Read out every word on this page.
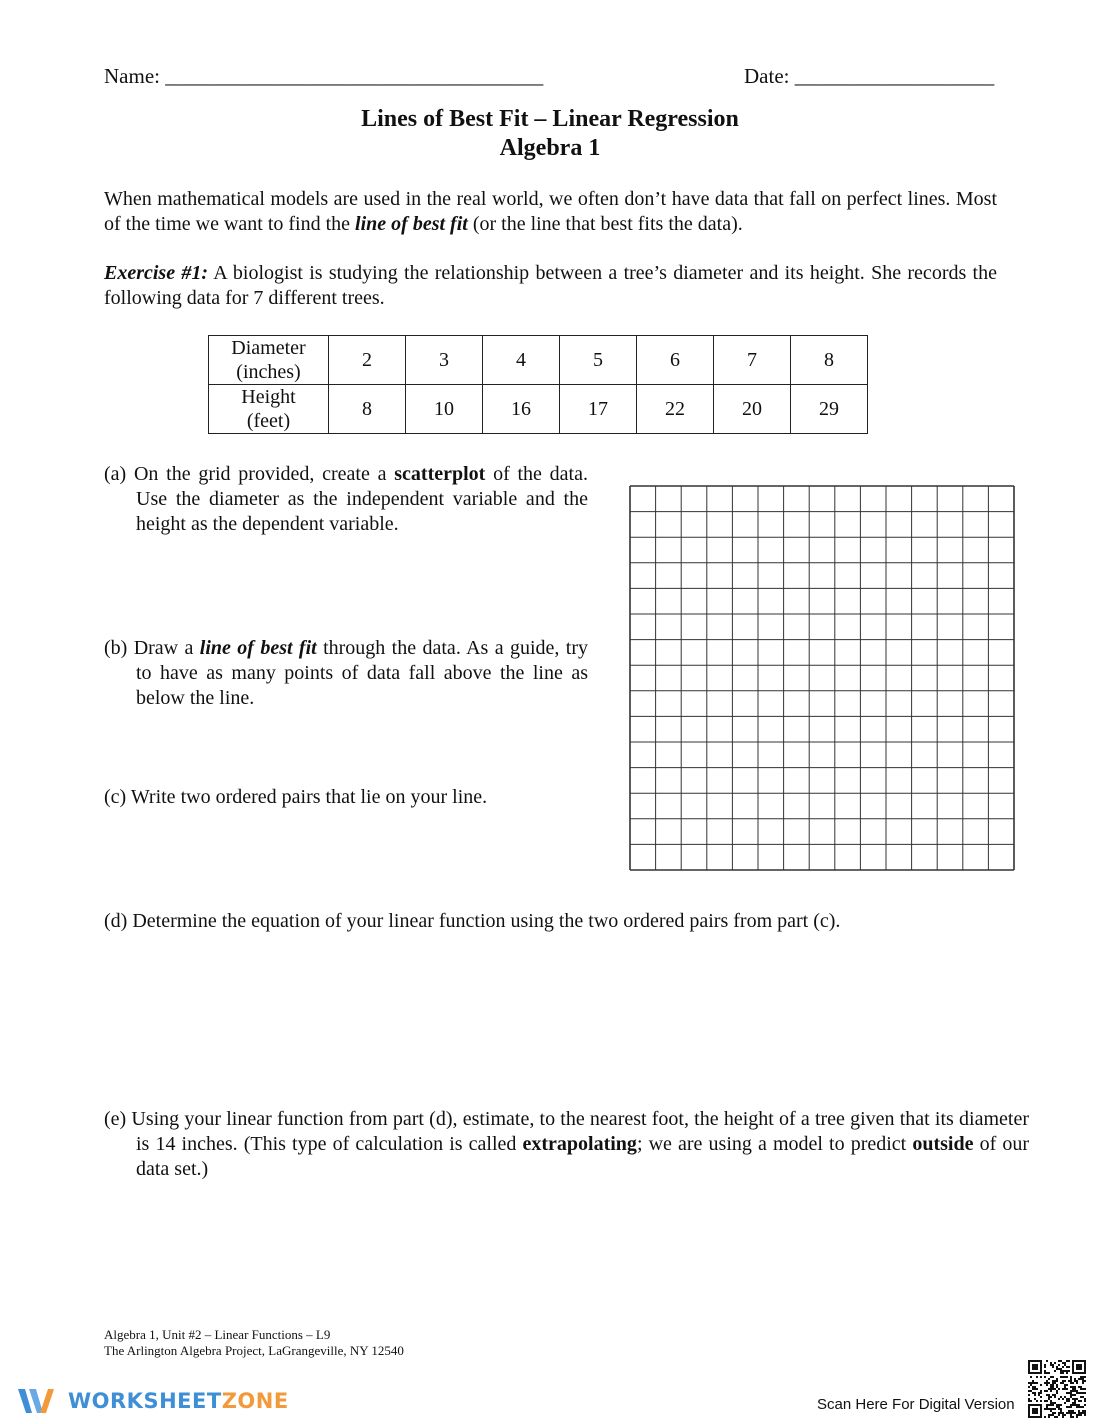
Name: ____________________________________	Date: ___________________
Lines of Best Fit – Linear Regression
Algebra 1
When mathematical models are used in the real world, we often don’t have data that fall on perfect lines. Most of the time we want to find the line of best fit (or the line that best fits the data).
Exercise #1: A biologist is studying the relationship between a tree’s diameter and its height. She records the following data for 7 different trees.
Diameter
(inches)	2	3	4	5	6	7	8
Height
(feet)	8	10	16	17	22	20	29
(a) On the grid provided, create a scatterplot of the data. Use the diameter as the independent variable and the height as the dependent variable.
(b) Draw a line of best fit through the data. As a guide, try to have as many points of data fall above the line as below the line.
(c) Write two ordered pairs that lie on your line.
(d) Determine the equation of your linear function using the two ordered pairs from part (c).
(e) Using your linear function from part (d), estimate, to the nearest foot, the height of a tree given that its diameter is 14 inches. (This type of calculation is called extrapolating; we are using a model to predict outside of our data set.)
Algebra 1, Unit #2 – Linear Functions – L9
The Arlington Algebra Project, LaGrangeville, NY 12540
WORKSHEETZONE	Scan Here For Digital Version
